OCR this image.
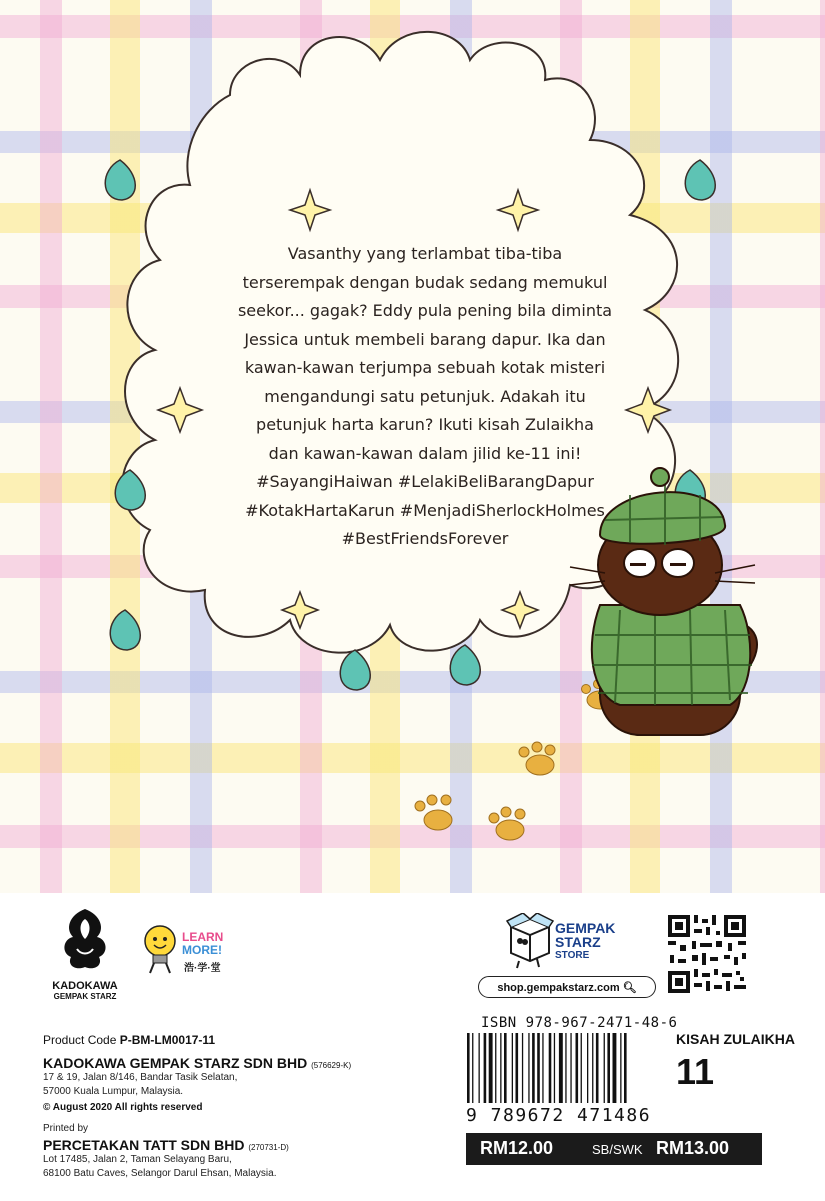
Vasanthy yang terlambat tiba-tiba

terserempak dengan budak sedang memukul

seekor... gagak? Eddy pula pening bila diminta

Jessica untuk membeli barang dapur. Ika dan

kawan-kawan terjumpa sebuah kotak misteri

mengandungi satu petunjuk. Adakah itu

petunjuk harta karun? Ikuti kisah Zulaikha

dan kawan-kawan dalam jilid ke-11 ini!

#SayangiHaiwan #LelakiBeliBarangDapur

#KotakHartaKarun #MenjadiSherlockHolmes

#BestFriendsForever

KADOKAWA
GEMPAK STARZ
LEARN
MORE!
浩·学·堂
GEMPAK
STARZ
STORE
shop.gempakstarz.com 🔍︎
Product Code P-BM-LM0017-11
KADOKAWA GEMPAK STARZ SDN BHD (576629-K)
17 & 19, Jalan 8/146, Bandar Tasik Selatan,
57000 Kuala Lumpur, Malaysia.
© August 2020 All rights reserved
Printed by
PERCETAKAN TATT SDN BHD (270731-D)
Lot 17485, Jalan 2, Taman Selayang Baru,
68100 Batu Caves, Selangor Darul Ehsan, Malaysia.
ISBN 978-967-2471-48-6
9 789672 471486
KISAH ZULAIKHA
11
RM12.00	SB/SWK RM13.00
